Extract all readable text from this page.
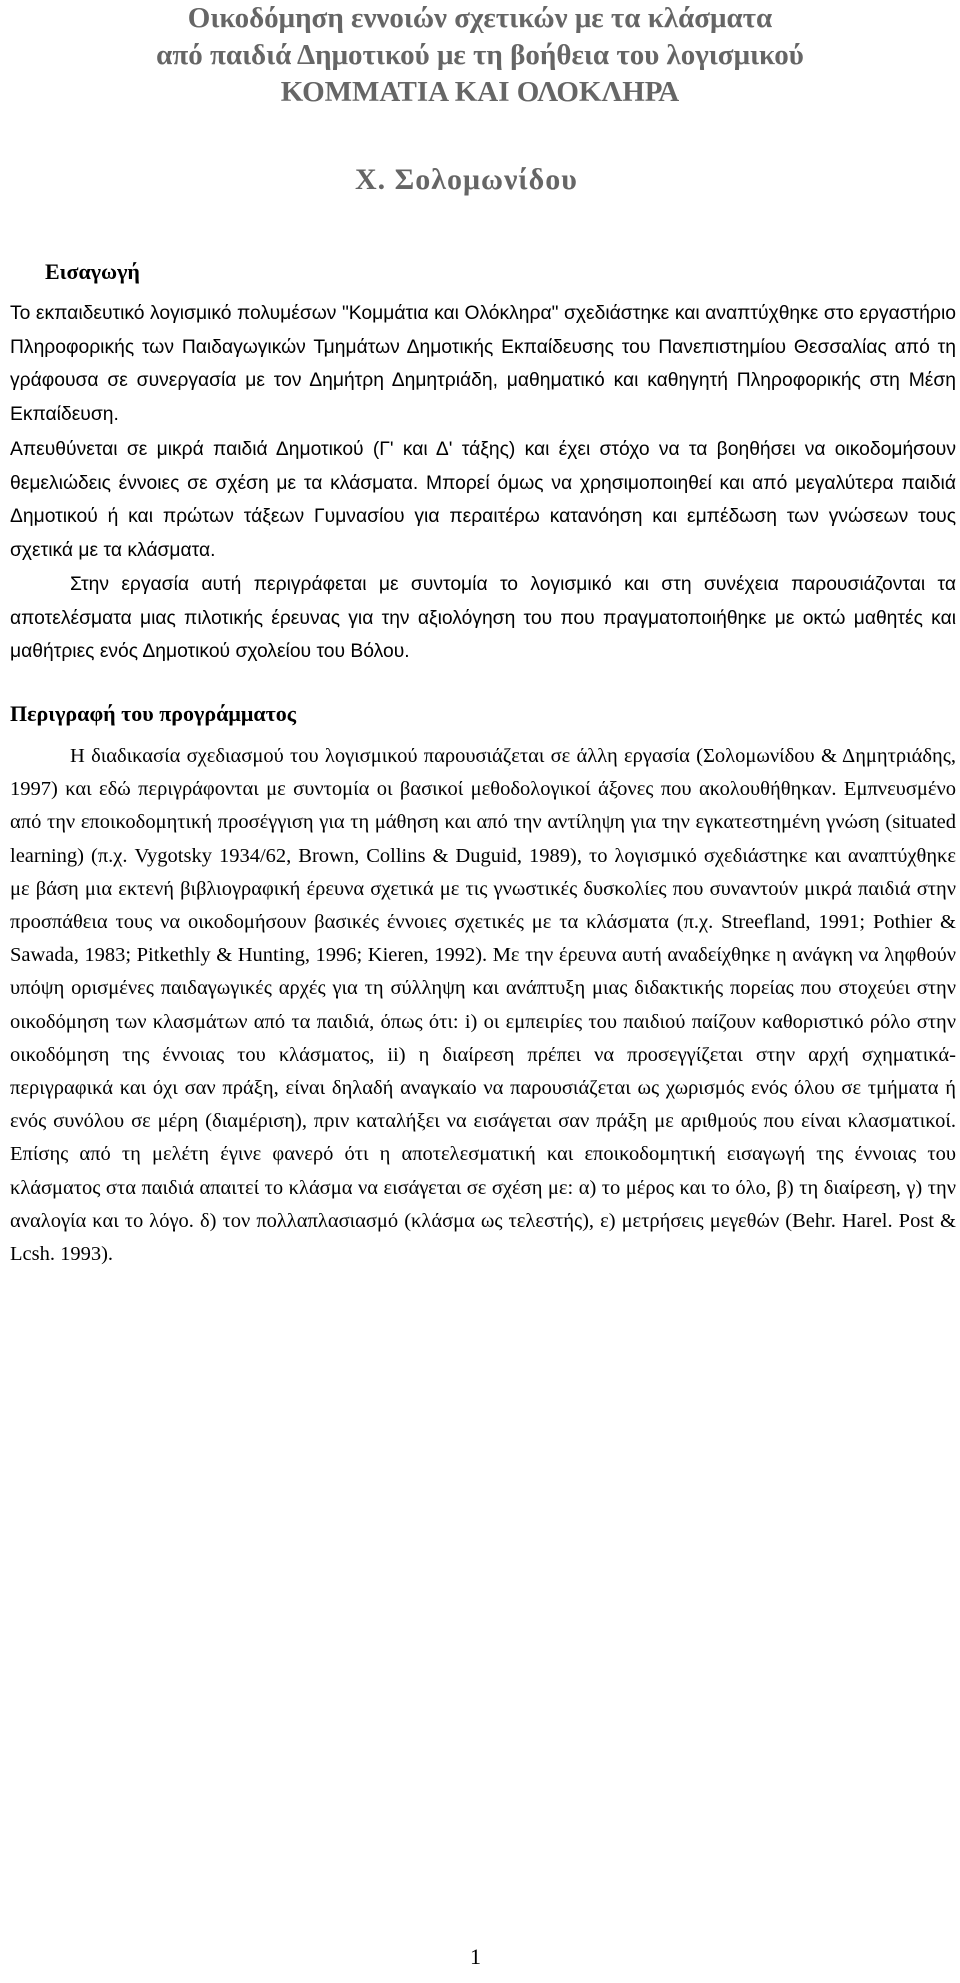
Οικοδόμηση εννοιών σχετικών με τα κλάσματα
από παιδιά Δημοτικού με τη βοήθεια του λογισμικού
ΚΟΜΜΑΤΙΑ ΚΑΙ ΟΛΟΚΛΗΡΑ
Χ. Σολομωνίδου
Εισαγωγή
Το εκπαιδευτικό λογισμικό πολυμέσων "Κομμάτια και Ολόκληρα" σχεδιάστηκε και αναπτύχθηκε στο εργαστήριο Πληροφορικής των Παιδαγωγικών Τμημάτων Δημοτικής Εκπαίδευσης του Πανεπιστημίου Θεσσαλίας από τη γράφουσα σε συνεργασία με τον Δημήτρη Δημητριάδη, μαθηματικό και καθηγητή Πληροφορικής στη Μέση Εκπαίδευση.
Απευθύνεται σε μικρά παιδιά Δημοτικού (Γ' και Δ' τάξης) και έχει στόχο να τα βοηθήσει να οικοδομήσουν θεμελιώδεις έννοιες σε σχέση με τα κλάσματα. Μπορεί όμως να χρησιμοποιηθεί και από μεγαλύτερα παιδιά Δημοτικού ή και πρώτων τάξεων Γυμνασίου για περαιτέρω κατανόηση και εμπέδωση των γνώσεων τους σχετικά με τα κλάσματα.
Στην εργασία αυτή περιγράφεται με συντομία το λογισμικό και στη συνέχεια παρουσιάζονται τα αποτελέσματα μιας πιλοτικής έρευνας για την αξιολόγηση του που πραγματοποιήθηκε με οκτώ μαθητές και μαθήτριες ενός Δημοτικού σχολείου του Βόλου.
Περιγραφή του προγράμματος
Η διαδικασία σχεδιασμού του λογισμικού παρουσιάζεται σε άλλη εργασία (Σολομωνίδου & Δημητριάδης, 1997) και εδώ περιγράφονται με συντομία οι βασικοί μεθοδολογικοί άξονες που ακολουθήθηκαν. Εμπνευσμένο από την εποικοδομητική προσέγγιση για τη μάθηση και από την αντίληψη για την εγκατεστημένη γνώση (situated learning) (π.χ. Vygotsky 1934/62, Brown, Collins & Duguid, 1989), το λογισμικό σχεδιάστηκε και αναπτύχθηκε με βάση μια εκτενή βιβλιογραφική έρευνα σχετικά με τις γνωστικές δυσκολίες που συναντούν μικρά παιδιά στην προσπάθεια τους να οικοδομήσουν βασικές έννοιες σχετικές με τα κλάσματα (π.χ. Streefland, 1991; Pothier & Sawada, 1983; Pitkethly & Hunting, 1996; Kieren, 1992). Με την έρευνα αυτή αναδείχθηκε η ανάγκη να ληφθούν υπόψη ορισμένες παιδαγωγικές αρχές για τη σύλληψη και ανάπτυξη μιας διδακτικής πορείας που στοχεύει στην οικοδόμηση των κλασμάτων από τα παιδιά, όπως ότι: i) οι εμπειρίες του παιδιού παίζουν καθοριστικό ρόλο στην οικοδόμηση της έννοιας του κλάσματος, ii) η διαίρεση πρέπει να προσεγγίζεται στην αρχή σχηματικά-περιγραφικά και όχι σαν πράξη, είναι δηλαδή αναγκαίο να παρουσιάζεται ως χωρισμός ενός όλου σε τμήματα ή ενός συνόλου σε μέρη (διαμέριση), πριν καταλήξει να εισάγεται σαν πράξη με αριθμούς που είναι κλασματικοί. Επίσης από τη μελέτη έγινε φανερό ότι η αποτελεσματική και εποικοδομητική εισαγωγή της έννοιας του κλάσματος στα παιδιά απαιτεί το κλάσμα να εισάγεται σε σχέση με: α) το μέρος και το όλο, β) τη διαίρεση, γ) την αναλογία και το λόγο. δ) τον πολλαπλασιασμό (κλάσμα ως τελεστής), ε) μετρήσεις μεγεθών (Behr. Harel. Post & Lcsh. 1993).
1
